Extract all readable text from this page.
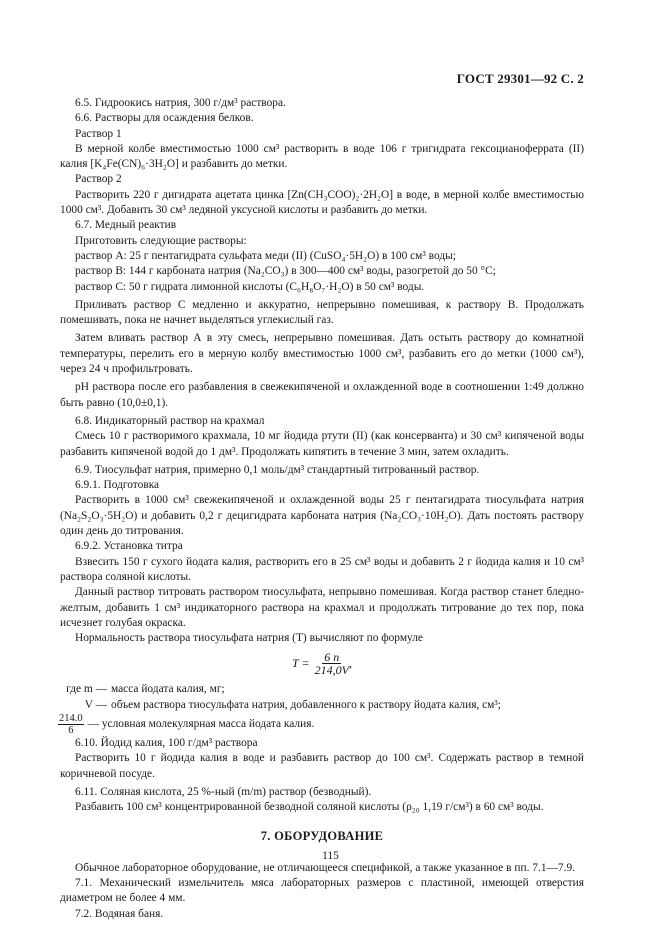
ГОСТ 29301—92 С. 2

6.5. Гидроокись натрия, 300 г/дм³ раствора.

6.6. Растворы для осаждения белков.

Раствор 1

В мерной колбе вместимостью 1000 см³ растворить в воде 106 г тригидрата гексоцианоферрата (II) калия [K₄Fe(CN)₆·3H₂O] и разбавить до метки.

Раствор 2

Растворить 220 г дигидрата ацетата цинка [Zn(CH₃COO)₂·2H₂O] в воде, в мерной колбе вместимостью 1000 см³. Добавить 30 см³ ледяной уксусной кислоты и разбавить до метки.

6.7. Медный реактив

Приготовить следующие растворы:

раствор А: 25 г пентагидрата сульфата меди (II) (CuSO₄·5H₂O) в 100 см³ воды;

раствор В: 144 г карбоната натрия (Na₂CO₃) в 300—400 см³ воды, разогретой до 50 °С;

раствор С: 50 г гидрата лимонной кислоты (C₆H₈O₇·H₂O) в 50 см³ воды.

Приливать раствор С медленно и аккуратно, непрерывно помешивая, к раствору В. Продолжать помешивать, пока не начнет выделяться углекислый газ.

Затем вливать раствор А в эту смесь, непрерывно помешивая. Дать остыть раствору до комнатной температуры, перелить его в мерную колбу вместимостью 1000 см³, разбавить его до метки (1000 см³), через 24 ч профильтровать.

pH раствора после его разбавления в свежекипяченой и охлажденной воде в соотношении 1:49 должно быть равно (10,0±0,1).

6.8. Индикаторный раствор на крахмал

Смесь 10 г растворимого крахмала, 10 мг йодида ртути (II) (как консерванта) и 30 см³ кипяченой воды разбавить кипяченой водой до 1 дм³. Продолжать кипятить в течение 3 мин, затем охладить.

6.9. Тиосульфат натрия, примерно 0,1 моль/дм³ стандартный титрованный раствор.

6.9.1. Подготовка

Растворить в 1000 см³ свежекипяченой и охлажденной воды 25 г пентагидрата тиосульфата натрия (Na₂S₂O₃·5H₂O) и добавить 0,2 г децигидрата карбоната натрия (Na₂CO₃·10H₂O). Дать постоять раствору один день до титрования.

6.9.2. Установка титра

Взвесить 150 г сухого йодата калия, растворить его в 25 см³ воды и добавить 2 г йодида калия и 10 см³ раствора соляной кислоты.

Данный раствор титровать раствором тиосульфата, непрывно помешивая. Когда раствор станет бледно-желтым, добавить 1 см³ индикаторного раствора на крахмал и продолжать титрование до тех пор, пока исчезнет голубая окраска.

Нормальность раствора тиосульфата натрия (T) вычисляют по формуле

$T = \frac{6 n}{214,0V}$ ,
где m — масса йодата калия, мг;
V — объем раствора тиосульфата натрия, добавленного к раствору йодата калия, см³;
$\frac{214.0}{6}$ — условная молекулярная масса йодата калия.

6.10. Йодид калия, 100 г/дм³ раствора

Растворить 10 г йодида калия в воде и разбавить раствор до 100 см³. Содержать раствор в темной коричневой посуде.

6.11. Соляная кислота, 25 %-ный (m/m) раствор (безводный).

Разбавить 100 см³ концентрированной безводной соляной кислоты (ρ₂₀ 1,19 г/см³) в 60 см³ воды.

7. ОБОРУДОВАНИЕ

Обычное лабораторное оборудование, не отличающееся спецификой, а также указанное в пп. 7.1—7.9.

7.1. Механический измельчитель мяса лабораторных размеров с пластиной, имеющей отверстия диаметром не более 4 мм.

7.2. Водяная баня.

115
